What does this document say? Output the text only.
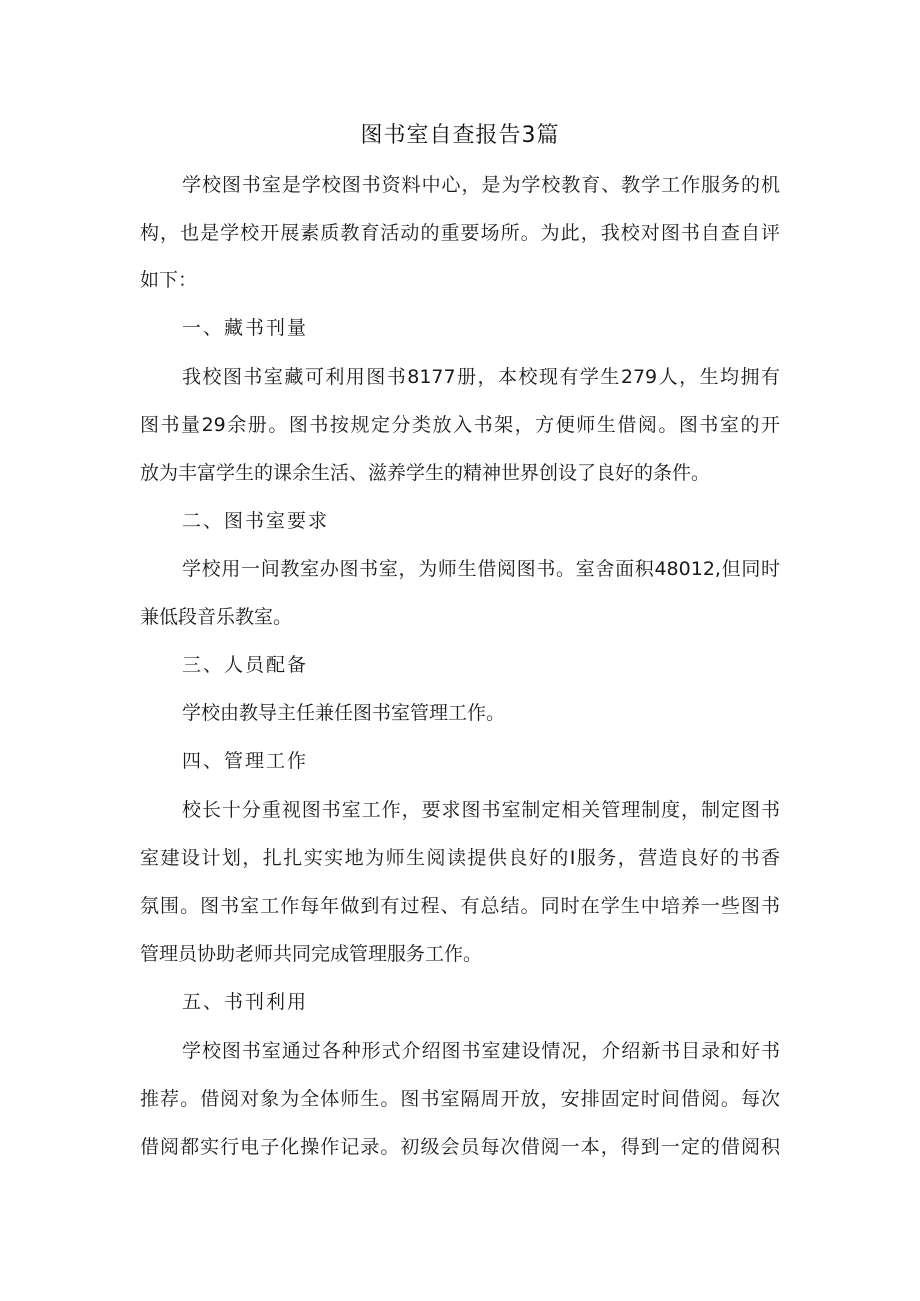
图书室自查报告3篇
学校图书室是学校图书资料中心，是为学校教育、教学工作服务的机
构，也是学校开展素质教育活动的重要场所。为此，我校对图书自查自评
如下：
一、藏书刊量
我校图书室藏可利用图书8177册，本校现有学生279人，生均拥有
图书量29余册。图书按规定分类放入书架，方便师生借阅。图书室的开
放为丰富学生的课余生活、滋养学生的精神世界创设了良好的条件。
二、图书室要求
学校用一间教室办图书室，为师生借阅图书。室舍面积48012,但同时
兼低段音乐教室。
三、人员配备
学校由教导主任兼任图书室管理工作。
四、管理工作
校长十分重视图书室工作，要求图书室制定相关管理制度，制定图书
室建设计划，扎扎实实地为师生阅读提供良好的I服务，营造良好的书香
氛围。图书室工作每年做到有过程、有总结。同时在学生中培养一些图书
管理员协助老师共同完成管理服务工作。
五、书刊利用
学校图书室通过各种形式介绍图书室建设情况，介绍新书目录和好书
推荐。借阅对象为全体师生。图书室隔周开放，安排固定时间借阅。每次
借阅都实行电子化操作记录。初级会员每次借阅一本，得到一定的借阅积
